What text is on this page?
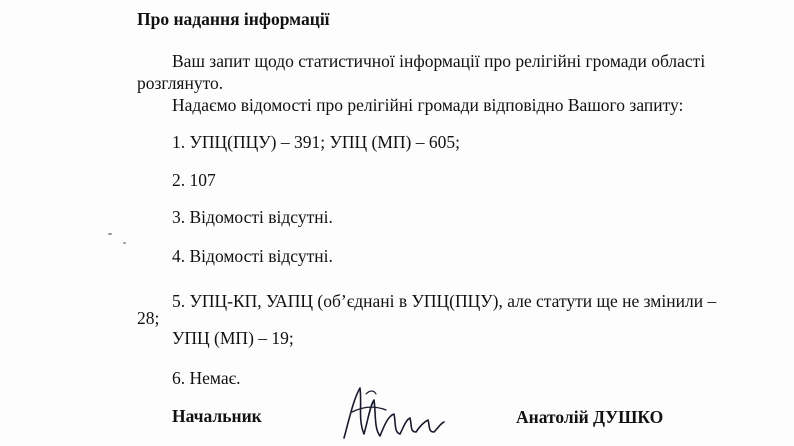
Про надання інформації
Ваш запит щодо статистичної інформації про релігійні громади області
розглянуто.
Надаємо відомості про релігійні громади відповідно Вашого запиту:
1. УПЦ(ПЦУ) – 391; УПЦ (МП) – 605;
2. 107
3. Відомості відсутні.
4. Відомості відсутні.
5. УПЦ-КП, УАПЦ (об’єднані в УПЦ(ПЦУ), але статути ще не змінили –
28;
УПЦ (МП) – 19;
6. Немає.
Начальник	Анатолій ДУШКО
